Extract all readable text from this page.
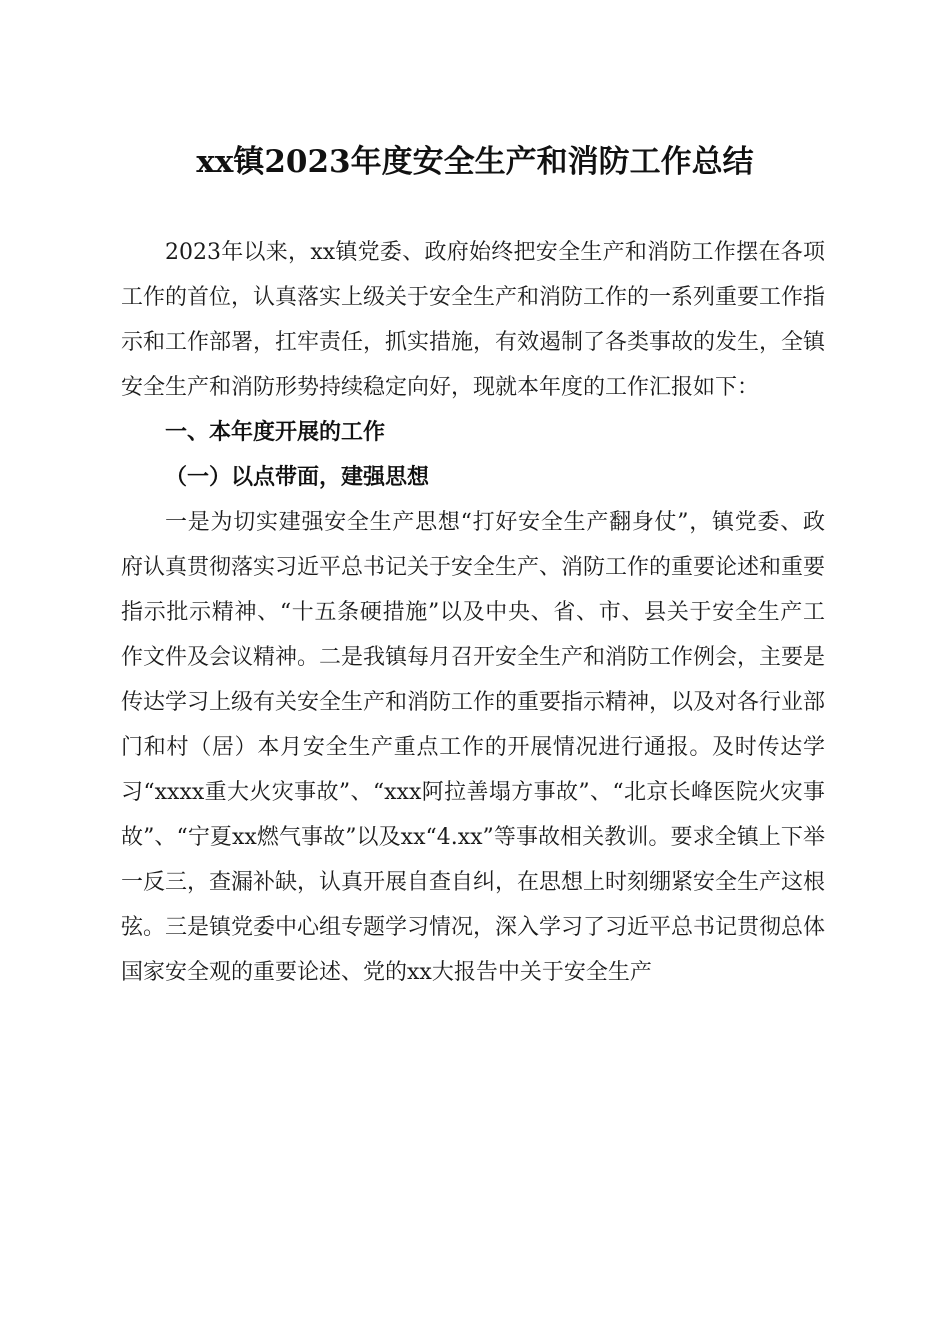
xx镇2023年度安全生产和消防工作总结

2023年以来，xx镇党委、政府始终把安全生产和消防工作摆在各项工作的首位，认真落实上级关于安全生产和消防工作的一系列重要工作指示和工作部署，扛牢责任，抓实措施，有效遏制了各类事故的发生，全镇安全生产和消防形势持续稳定向好，现就本年度的工作汇报如下：

一、本年度开展的工作

（一）以点带面，建强思想

一是为切实建强安全生产思想“打好安全生产翻身仗”，镇党委、政府认真贯彻落实习近平总书记关于安全生产、消防工作的重要论述和重要指示批示精神、“十五条硬措施”以及中央、省、市、县关于安全生产工作文件及会议精神。二是我镇每月召开安全生产和消防工作例会，主要是传达学习上级有关安全生产和消防工作的重要指示精神，以及对各行业部门和村（居）本月安全生产重点工作的开展情况进行通报。及时传达学习“xxxx重大火灾事故”、“xxx阿拉善塌方事故”、“北京长峰医院火灾事故”、“宁夏xx燃气事故”以及xx“4.xx”等事故相关教训。要求全镇上下举一反三，查漏补缺，认真开展自查自纠，在思想上时刻绷紧安全生产这根弦。三是镇党委中心组专题学习情况，深入学习了习近平总书记贯彻总体国家安全观的重要论述、党的xx大报告中关于安全生产
